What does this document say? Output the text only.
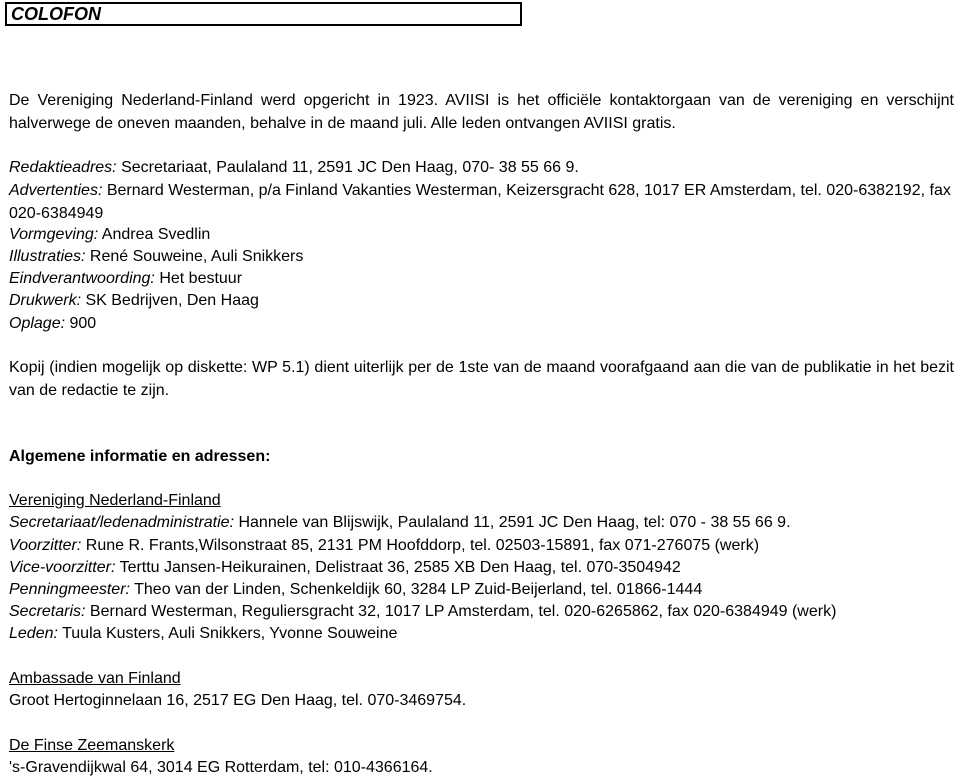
COLOFON

De Vereniging Nederland-Finland werd opgericht in 1923. AVIISI is het officiële kontaktorgaan van de vereniging en verschijnt halverwege de oneven maanden, behalve in de maand juli. Alle leden ontvangen AVIISI gratis.

Redaktieadres: Secretariaat, Paulaland 11, 2591 JC Den Haag, 070- 38 55 66 9.

Advertenties: Bernard Westerman, p/a Finland Vakanties Westerman, Keizersgracht 628, 1017 ER Amsterdam, tel. 020-6382192, fax 020-6384949

Vormgeving: Andrea Svedlin

Illustraties: René Souweine, Auli Snikkers

Eindverantwoording: Het bestuur

Drukwerk: SK Bedrijven, Den Haag

Oplage: 900

Kopij (indien mogelijk op diskette: WP 5.1) dient uiterlijk per de 1ste van de maand voorafgaand aan die van de publikatie in het bezit van de redactie te zijn.

Algemene informatie en adressen:

Vereniging Nederland-Finland

Secretariaat/ledenadministratie: Hannele van Blijswijk, Paulaland 11, 2591 JC Den Haag, tel: 070 - 38 55 66 9.

Voorzitter: Rune R. Frants,Wilsonstraat 85, 2131 PM Hoofddorp, tel. 02503-15891, fax 071-276075 (werk)

Vice-voorzitter: Terttu Jansen-Heikurainen, Delistraat 36, 2585 XB Den Haag, tel. 070-3504942

Penningmeester: Theo van der Linden, Schenkeldijk 60, 3284 LP Zuid-Beijerland, tel. 01866-1444

Secretaris: Bernard Westerman, Reguliersgracht 32, 1017 LP Amsterdam, tel. 020-6265862, fax 020-6384949 (werk)

Leden: Tuula Kusters, Auli Snikkers, Yvonne Souweine

Ambassade van Finland

Groot Hertoginnelaan 16, 2517 EG Den Haag, tel. 070-3469754.

De Finse Zeemanskerk

's-Gravendijkwal 64, 3014 EG Rotterdam, tel: 010-4366164.
